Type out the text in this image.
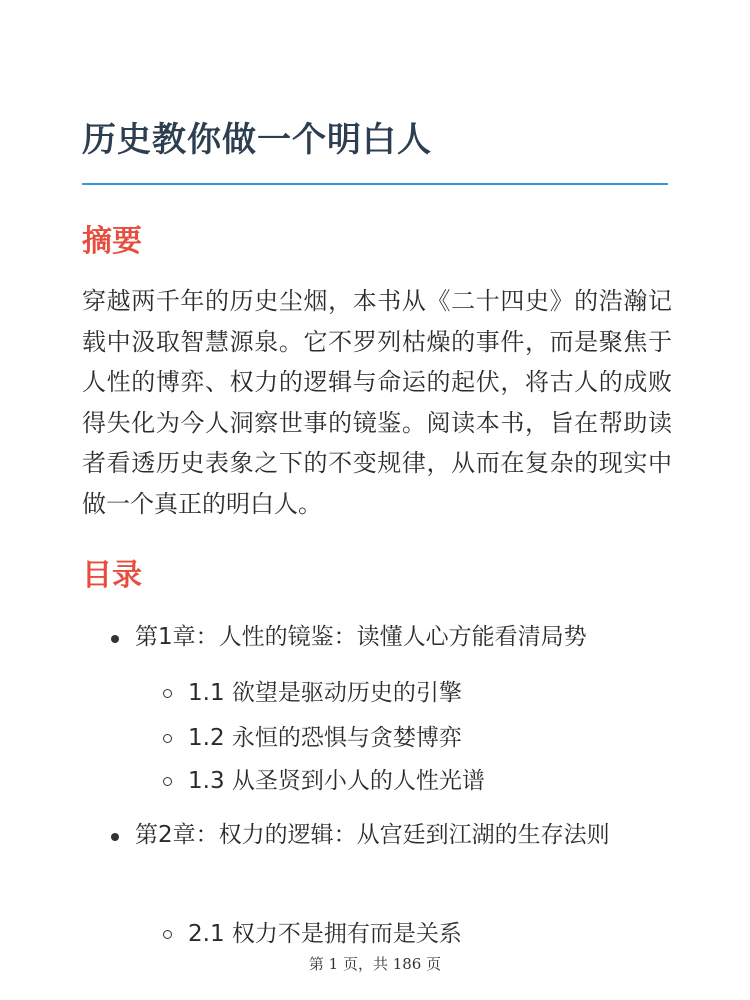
历史教你做一个明白人
摘要

穿越两千年的历史尘烟，本书从《二十四史》的浩瀚记载中汲取智慧源泉。它不罗列枯燥的事件，而是聚焦于人性的博弈、权力的逻辑与命运的起伏，将古人的成败得失化为今人洞察世事的镜鉴。阅读本书，旨在帮助读者看透历史表象之下的不变规律，从而在复杂的现实中做一个真正的明白人。

目录
第1章：人性的镜鉴：读懂人心方能看清局势
1.1 欲望是驱动历史的引擎
1.2 永恒的恐惧与贪婪博弈
1.3 从圣贤到小人的人性光谱
第2章：权力的逻辑：从宫廷到江湖的生存法则
2.1 权力不是拥有而是关系
第 1 页，共 186 页
